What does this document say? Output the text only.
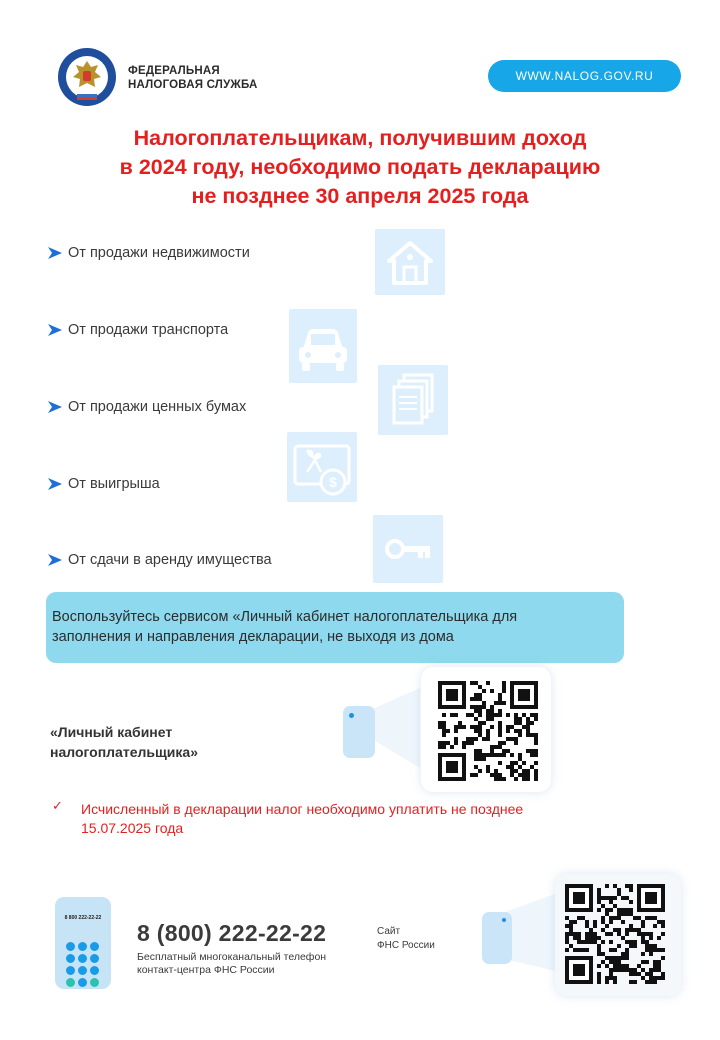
ФЕДЕРАЛЬНАЯ
НАЛОГОВАЯ СЛУЖБА
WWW.NALOG.GOV.RU
Налогоплательщикам, получившим доход
в 2024 году, необходимо подать декларацию
не позднее 30 апреля 2025 года
От продажи недвижимости
От продажи транспорта
От продажи ценных бумах
От выигрыша
От сдачи в аренду имущества
$
Воспользуйтесь сервисом «Личный кабинет налогоплательщика для
заполнения и направления декларации, не выходя из дома
«Личный кабинет
налогоплательщика»
✓ Исчисленный в декларации налог необходимо уплатить не позднее
15.07.2025 года
8 800 222-22-22
8 (800) 222-22-22
Бесплатный многоканальный телефон
контакт-центра ФНС России
Сайт
ФНС России
